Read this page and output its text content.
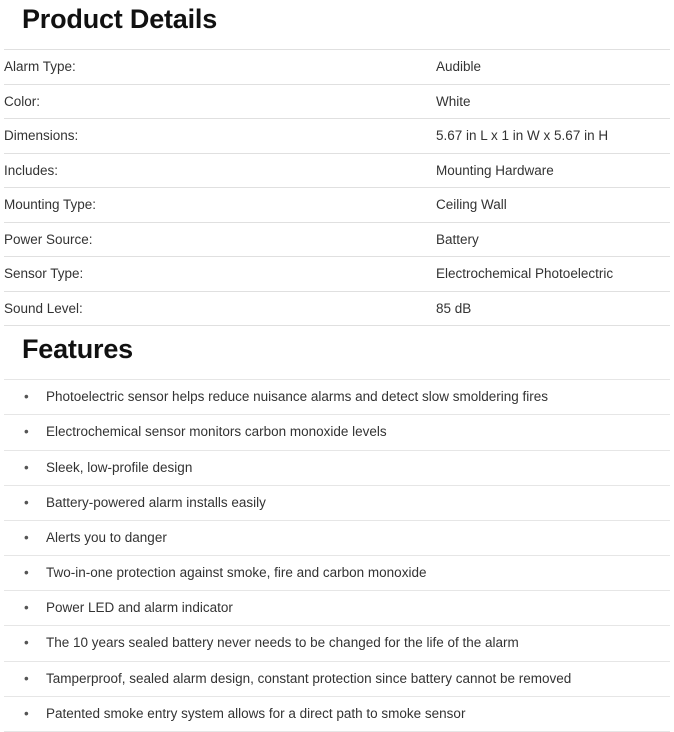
Product Details
Alarm Type:	Audible
Color:	White
Dimensions:	5.67 in L x 1 in W x 5.67 in H
Includes:	Mounting Hardware
Mounting Type:	Ceiling Wall
Power Source:	Battery
Sensor Type:	Electrochemical Photoelectric
Sound Level:	85 dB
Features
• Photoelectric sensor helps reduce nuisance alarms and detect slow smoldering fires
• Electrochemical sensor monitors carbon monoxide levels
• Sleek, low-profile design
• Battery-powered alarm installs easily
• Alerts you to danger
• Two-in-one protection against smoke, fire and carbon monoxide
• Power LED and alarm indicator
• The 10 years sealed battery never needs to be changed for the life of the alarm
• Tamperproof, sealed alarm design, constant protection since battery cannot be removed
• Patented smoke entry system allows for a direct path to smoke sensor
